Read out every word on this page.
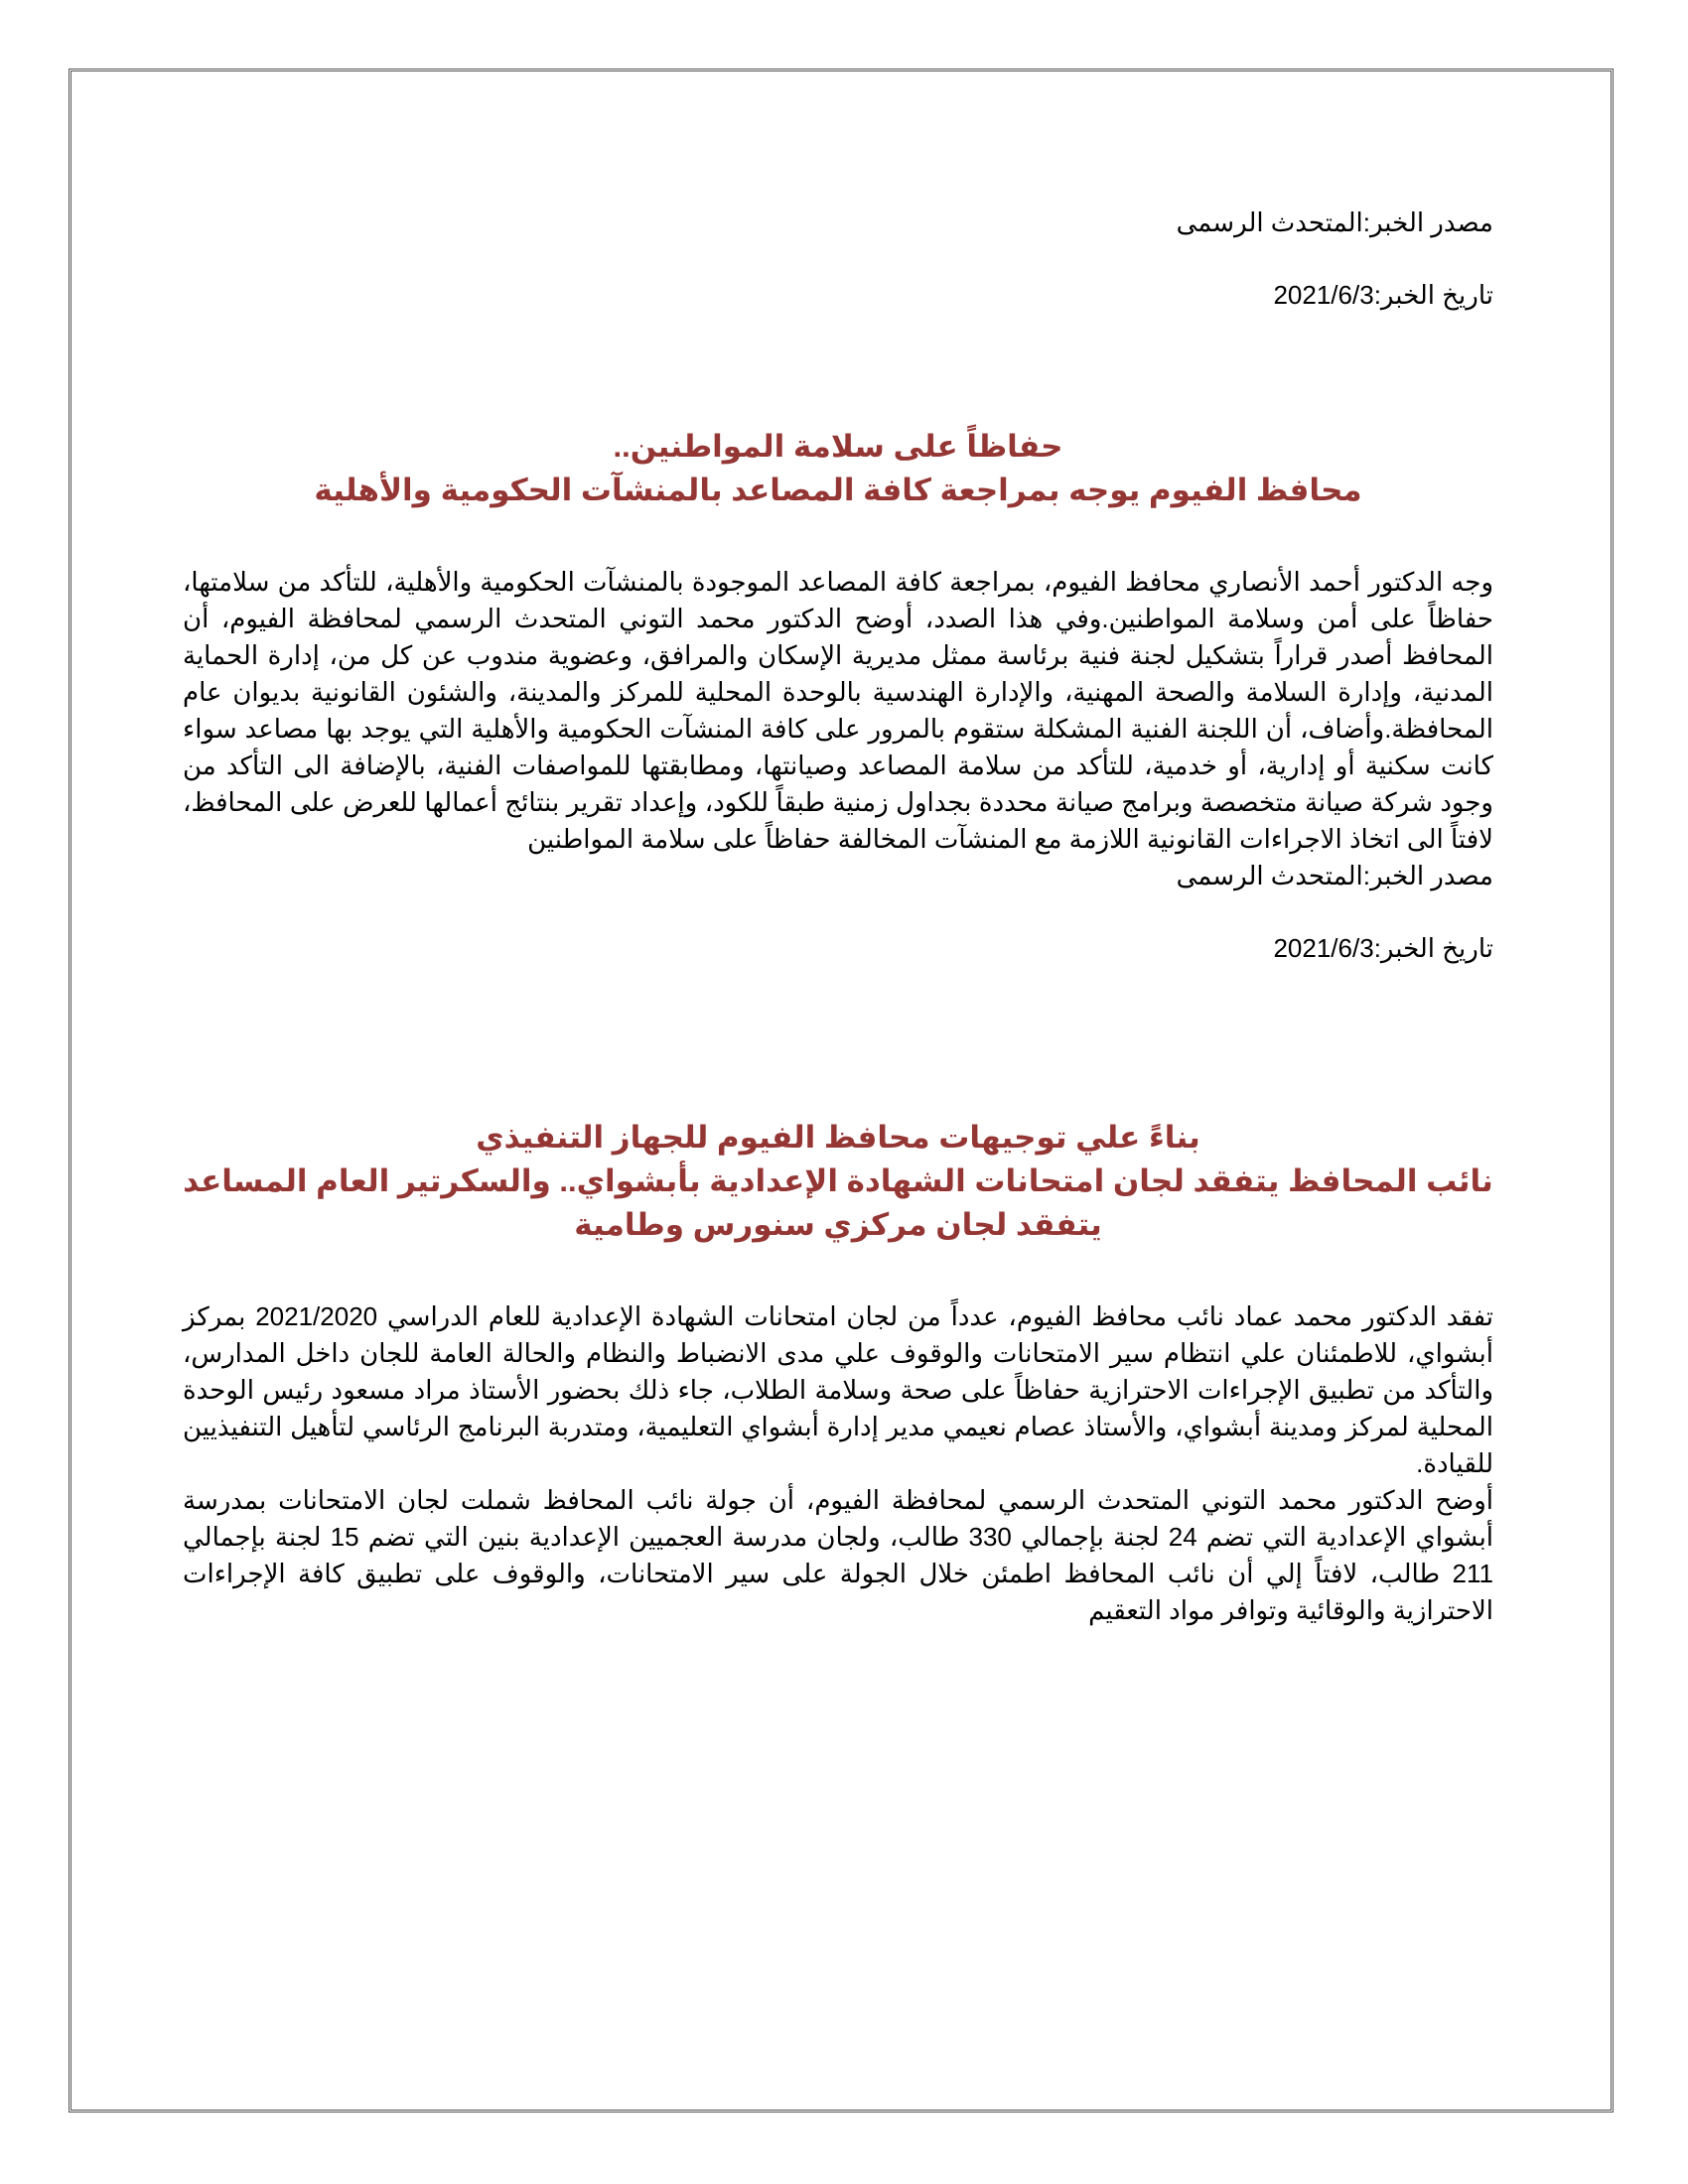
مصدر الخبر:المتحدث الرسمى

تاريخ الخبر:2021/6/3

حفاظاً على سلامة المواطنين..
محافظ الفيوم يوجه بمراجعة كافة المصاعد بالمنشآت الحكومية والأهلية

وجه الدكتور أحمد الأنصاري محافظ الفيوم، بمراجعة كافة المصاعد الموجودة بالمنشآت الحكومية والأهلية، للتأكد من سلامتها، حفاظاً على أمن وسلامة المواطنين.وفي هذا الصدد، أوضح الدكتور محمد التوني المتحدث الرسمي لمحافظة الفيوم، أن المحافظ أصدر قراراً بتشكيل لجنة فنية برئاسة ممثل مديرية الإسكان والمرافق، وعضوية مندوب عن كل من، إدارة الحماية المدنية، وإدارة السلامة والصحة المهنية، والإدارة الهندسية بالوحدة المحلية للمركز والمدينة، والشئون القانونية بديوان عام المحافظة.وأضاف، أن اللجنة الفنية المشكلة ستقوم بالمرور على كافة المنشآت الحكومية والأهلية التي يوجد بها مصاعد سواء كانت سكنية أو إدارية، أو خدمية، للتأكد من سلامة المصاعد وصيانتها، ومطابقتها للمواصفات الفنية، بالإضافة الى التأكد من وجود شركة صيانة متخصصة وبرامج صيانة محددة بجداول زمنية طبقاً للكود، وإعداد تقرير بنتائج أعمالها للعرض على المحافظ، لافتاً الى اتخاذ الاجراءات القانونية اللازمة مع المنشآت المخالفة حفاظاً على سلامة المواطنين

مصدر الخبر:المتحدث الرسمى

تاريخ الخبر:2021/6/3

بناءً علي توجيهات محافظ الفيوم للجهاز التنفيذي
نائب المحافظ يتفقد لجان امتحانات الشهادة الإعدادية بأبشواي.. والسكرتير العام المساعد يتفقد لجان مركزي سنورس وطامية

تفقد الدكتور محمد عماد نائب محافظ الفيوم، عدداً من لجان امتحانات الشهادة الإعدادية للعام الدراسي 2021/2020 بمركز أبشواي، للاطمئنان علي انتظام سير الامتحانات والوقوف علي مدى الانضباط والنظام والحالة العامة للجان داخل المدارس، والتأكد من تطبيق الإجراءات الاحترازية حفاظاً على صحة وسلامة الطلاب، جاء ذلك بحضور الأستاذ مراد مسعود رئيس الوحدة المحلية لمركز ومدينة أبشواي، والأستاذ عصام نعيمي مدير إدارة أبشواي التعليمية، ومتدربة البرنامج الرئاسي لتأهيل التنفيذيين للقيادة.

أوضح الدكتور محمد التوني المتحدث الرسمي لمحافظة الفيوم، أن جولة نائب المحافظ شملت لجان الامتحانات بمدرسة أبشواي الإعدادية التي تضم 24 لجنة بإجمالي 330 طالب، ولجان مدرسة العجميين الإعدادية بنين التي تضم 15 لجنة بإجمالي 211 طالب، لافتاً إلي أن نائب المحافظ اطمئن خلال الجولة على سير الامتحانات، والوقوف على تطبيق كافة الإجراءات الاحترازية والوقائية وتوافر مواد التعقيم
